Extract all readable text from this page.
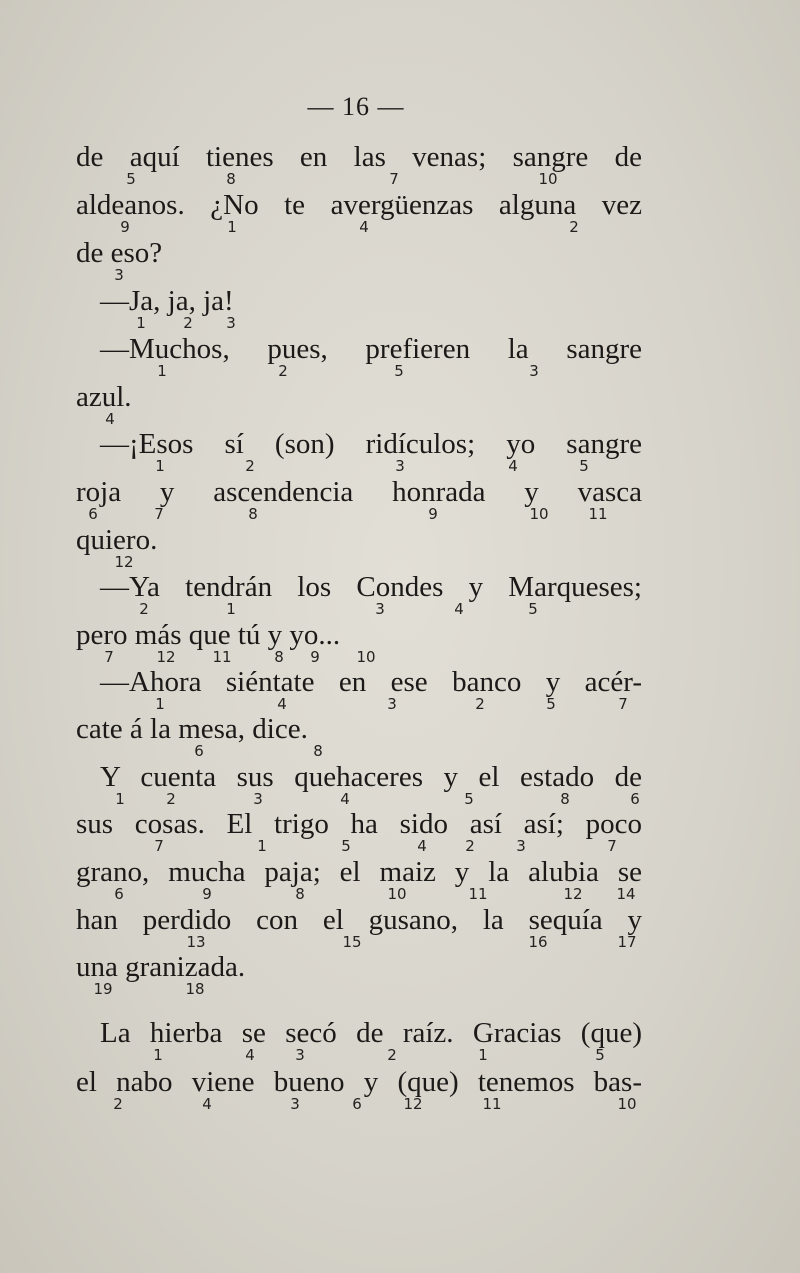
— 16 —
de aquí tienes en las venas; sangre de
5	8	7	10
aldeanos. ¿No te avergüenzas alguna vez
9	1	4	2
de eso?
3
—Ja, ja, ja!
1 2 3
—Muchos, pues, prefieren la sangre
1	2	5	3
azul.
4
—¡Esos sí (son) ridículos; yo sangre
1	2	3	4	5
roja y ascendencia honrada y vasca
6	7	8	9	10	11
quiero.
12
—Ya tendrán los Condes y Marqueses;
2	1	3	4	5
pero más que tú y yo...
7	12 11	8 9 10
—Ahora siéntate en ese banco y acér-
1	4	3	2	5	7
cate á la mesa, dice.
6	8
Y cuenta sus quehaceres y el estado de
1	2	3	4	5	8	6
sus cosas. El trigo ha sido así así; poco
7	1	5	4	2	3	7
grano, mucha paja; el maiz y la alubia se
6	9	8	10	11	12 14
han perdido con el gusano, la sequía y
13	15	16	17
una granizada.
19	18
La hierba se secó de raíz. Gracias (que)
1	4	3	2	1	5
el nabo viene bueno y (que) tenemos bas-
2	4	3	6	12	11	10
